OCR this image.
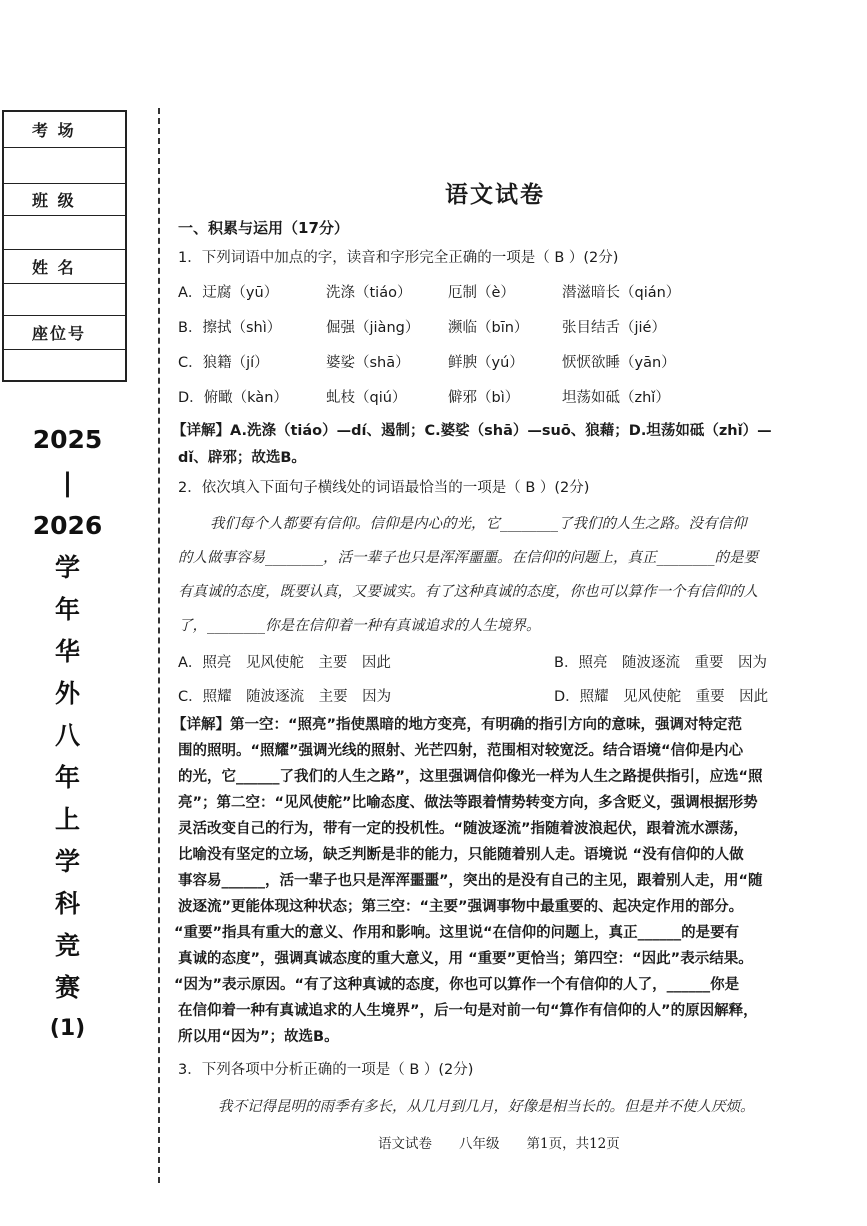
考 场
班 级
姓 名
座位号
2025
|
2026
学
年
华
外
八
年
上
学
科
竞
赛
(1)
语文试卷
一、积累与运用（17分）
1．下列词语中加点的字，读音和字形完全正确的一项是（ B ）(2分)
A．迂腐（yū）	洗涤（tiáo）	厄制（è）	潜滋暗长（qián）
B．擦拭（shì）	倔强（jiàng） 濒临（bīn） 张目结舌（jié）
C．狼籍（jí）	婆娑（shā）	鲜腴（yú）	恹恹欲睡（yān）
D．俯瞰（kàn）	虬枝（qiú）	僻邪（bì）	坦荡如砥（zhǐ）
【详解】A.洗涤（tiáo）—dí、遏制；C.婆娑（shā）—suō、狼藉；D.坦荡如砥（zhǐ）—
dǐ、辟邪；故选B。
2．依次填入下面句子横线处的词语最恰当的一项是（ B ）(2分)
我们每个人都要有信仰。信仰是内心的光，它________了我们的人生之路。没有信仰
的人做事容易________，活一辈子也只是浑浑噩噩。在信仰的问题上，真正________的是要
有真诚的态度，既要认真，又要诚实。有了这种真诚的态度，你也可以算作一个有信仰的人
了，________你是在信仰着一种有真诚追求的人生境界。
A．照亮　见风使舵　主要　因此	B．照亮　随波逐流　重要　因为
C．照耀　随波逐流　主要　因为	D．照耀　见风使舵　重要　因此
【详解】第一空：“照亮”指使黑暗的地方变亮，有明确的指引方向的意味，强调对特定范
围的照明。“照耀”强调光线的照射、光芒四射，范围相对较宽泛。结合语境“信仰是内心
的光，它______了我们的人生之路”，这里强调信仰像光一样为人生之路提供指引，应选“照
亮”；第二空：“见风使舵”比喻态度、做法等跟着情势转变方向，多含贬义，强调根据形势
灵活改变自己的行为，带有一定的投机性。“随波逐流”指随着波浪起伏，跟着流水漂荡，
比喻没有坚定的立场，缺乏判断是非的能力，只能随着别人走。语境说 “没有信仰的人做
事容易______，活一辈子也只是浑浑噩噩”，突出的是没有自己的主见，跟着别人走，用“随
波逐流”更能体现这种状态；第三空：“主要”强调事物中最重要的、起决定作用的部分。
“重要”指具有重大的意义、作用和影响。这里说“在信仰的问题上，真正______的是要有
真诚的态度”，强调真诚态度的重大意义，用 “重要”更恰当；第四空：“因此”表示结果。
“因为”表示原因。“有了这种真诚的态度，你也可以算作一个有信仰的人了，______你是
在信仰着一种有真诚追求的人生境界”，后一句是对前一句“算作有信仰的人”的原因解释，
所以用“因为”；故选B。
3．下列各项中分析正确的一项是（ B ）(2分)
我不记得昆明的雨季有多长，从几月到几月，好像是相当长的。但是并不使人厌烦。
语文试卷　　八年级　　第1页，共12页
